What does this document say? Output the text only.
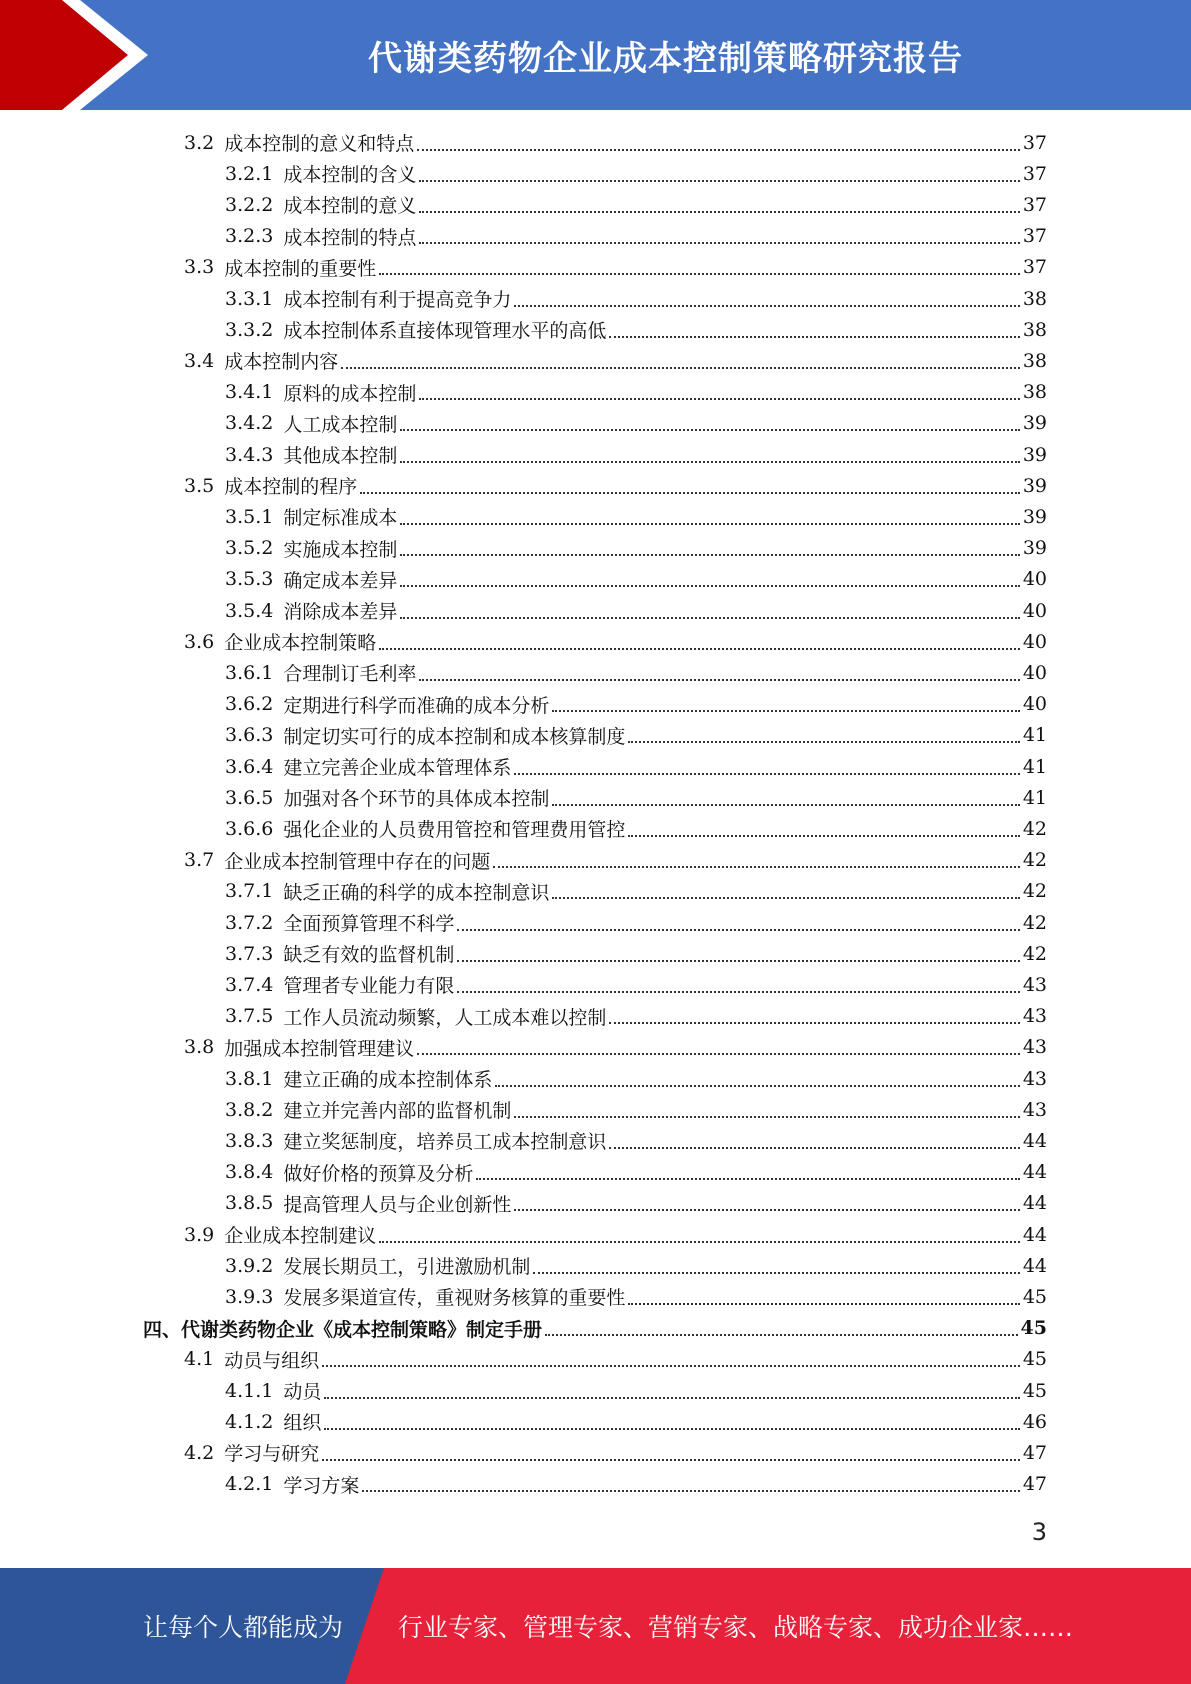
代谢类药物企业成本控制策略研究报告
3.2 成本控制的意义和特点	37
3.2.1 成本控制的含义	37
3.2.2 成本控制的意义	37
3.2.3 成本控制的特点	37
3.3 成本控制的重要性	37
3.3.1 成本控制有利于提高竞争力	38
3.3.2 成本控制体系直接体现管理水平的高低	38
3.4 成本控制内容	38
3.4.1 原料的成本控制	38
3.4.2 人工成本控制	39
3.4.3 其他成本控制	39
3.5 成本控制的程序	39
3.5.1 制定标准成本	39
3.5.2 实施成本控制	39
3.5.3 确定成本差异	40
3.5.4 消除成本差异	40
3.6 企业成本控制策略	40
3.6.1 合理制订毛利率	40
3.6.2 定期进行科学而准确的成本分析	40
3.6.3 制定切实可行的成本控制和成本核算制度	41
3.6.4 建立完善企业成本管理体系	41
3.6.5 加强对各个环节的具体成本控制	41
3.6.6 强化企业的人员费用管控和管理费用管控	42
3.7 企业成本控制管理中存在的问题	42
3.7.1 缺乏正确的科学的成本控制意识	42
3.7.2 全面预算管理不科学	42
3.7.3 缺乏有效的监督机制	42
3.7.4 管理者专业能力有限	43
3.7.5 工作人员流动频繁，人工成本难以控制	43
3.8 加强成本控制管理建议	43
3.8.1 建立正确的成本控制体系	43
3.8.2 建立并完善内部的监督机制	43
3.8.3 建立奖惩制度，培养员工成本控制意识	44
3.8.4 做好价格的预算及分析	44
3.8.5 提高管理人员与企业创新性	44
3.9 企业成本控制建议	44
3.9.2 发展长期员工，引进激励机制	44
3.9.3 发展多渠道宣传，重视财务核算的重要性	45
四、代谢类药物企业《成本控制策略》制定手册	45
4.1 动员与组织	45
4.1.1 动员	45
4.1.2 组织	46
4.2 学习与研究	47
4.2.1 学习方案	47
3
让每个人都能成为 行业专家、管理专家、营销专家、战略专家、成功企业家……
